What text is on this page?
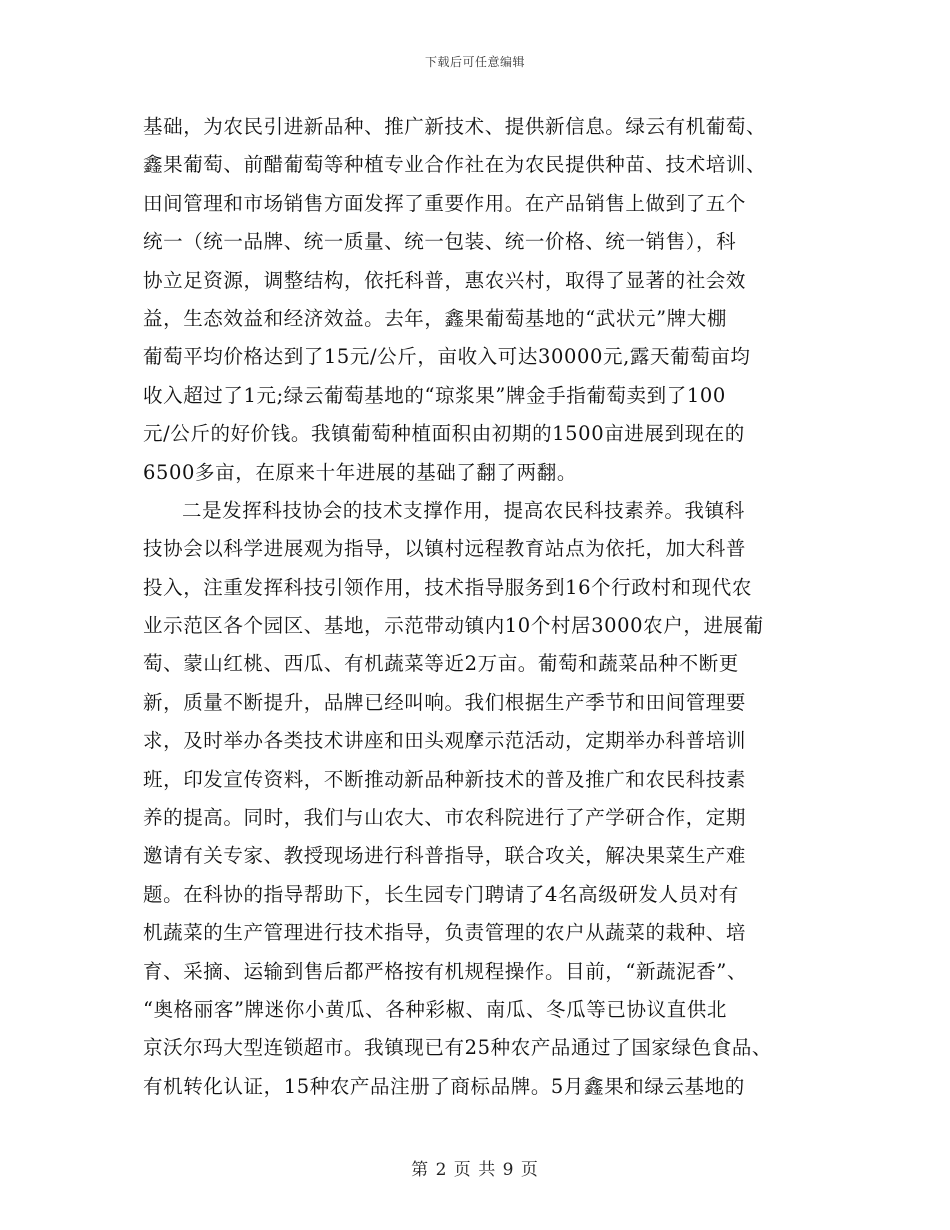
下载后可任意编辑
基础，为农民引进新品种、推广新技术、提供新信息。绿云有机葡萄、
鑫果葡萄、前醋葡萄等种植专业合作社在为农民提供种苗、技术培训、
田间管理和市场销售方面发挥了重要作用。在产品销售上做到了五个
统一（统一品牌、统一质量、统一包装、统一价格、统一销售），科
协立足资源，调整结构，依托科普，惠农兴村，取得了显著的社会效
益，生态效益和经济效益。去年，鑫果葡萄基地的“武状元”牌大棚
葡萄平均价格达到了15元/公斤，亩收入可达30000元,露天葡萄亩均
收入超过了1元;绿云葡萄基地的“琼浆果”牌金手指葡萄卖到了100
元/公斤的好价钱。我镇葡萄种植面积由初期的1500亩进展到现在的
6500多亩，在原来十年进展的基础了翻了两翻。
二是发挥科技协会的技术支撑作用，提高农民科技素养。我镇科
技协会以科学进展观为指导，以镇村远程教育站点为依托，加大科普
投入，注重发挥科技引领作用，技术指导服务到16个行政村和现代农
业示范区各个园区、基地，示范带动镇内10个村居3000农户，进展葡
萄、蒙山红桃、西瓜、有机蔬菜等近2万亩。葡萄和蔬菜品种不断更
新，质量不断提升，品牌已经叫响。我们根据生产季节和田间管理要
求，及时举办各类技术讲座和田头观摩示范活动，定期举办科普培训
班，印发宣传资料，不断推动新品种新技术的普及推广和农民科技素
养的提高。同时，我们与山农大、市农科院进行了产学研合作，定期
邀请有关专家、教授现场进行科普指导，联合攻关，解决果菜生产难
题。在科协的指导帮助下，长生园专门聘请了4名高级研发人员对有
机蔬菜的生产管理进行技术指导，负责管理的农户从蔬菜的栽种、培
育、采摘、运输到售后都严格按有机规程操作。目前，“新蔬泥香”、
“奥格丽客”牌迷你小黄瓜、各种彩椒、南瓜、冬瓜等已协议直供北
京沃尔玛大型连锁超市。我镇现已有25种农产品通过了国家绿色食品、
有机转化认证，15种农产品注册了商标品牌。5月鑫果和绿云基地的
第 2 页 共 9 页
